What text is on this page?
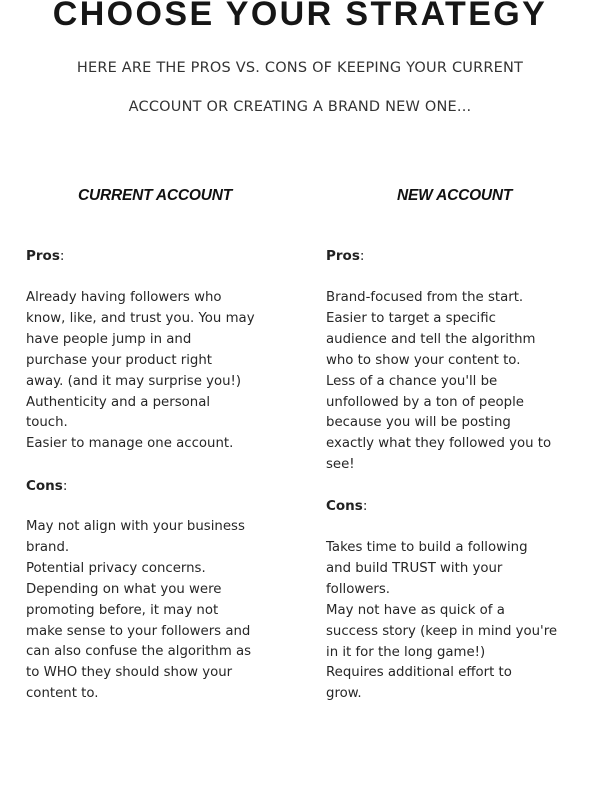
CHOOSE YOUR STRATEGY

HERE ARE THE PROS VS. CONS OF KEEPING YOUR CURRENT

ACCOUNT OR CREATING A BRAND NEW ONE...

CURRENT ACCOUNT

Pros:

Already having followers who
know, like, and trust you. You may
have people jump in and
purchase your product right
away. (and it may surprise you!)
Authenticity and a personal
touch.
Easier to manage one account.

Cons:

May not align with your business
brand.
Potential privacy concerns.
Depending on what you were
promoting before, it may not
make sense to your followers and
can also confuse the algorithm as
to WHO they should show your
content to.
NEW ACCOUNT

Pros:

Brand-focused from the start.
Easier to target a specific
audience and tell the algorithm
who to show your content to.
Less of a chance you'll be
unfollowed by a ton of people
because you will be posting
exactly what they followed you to
see!

Cons:

Takes time to build a following
and build TRUST with your
followers.
May not have as quick of a
success story (keep in mind you're
in it for the long game!)
Requires additional effort to
grow.
